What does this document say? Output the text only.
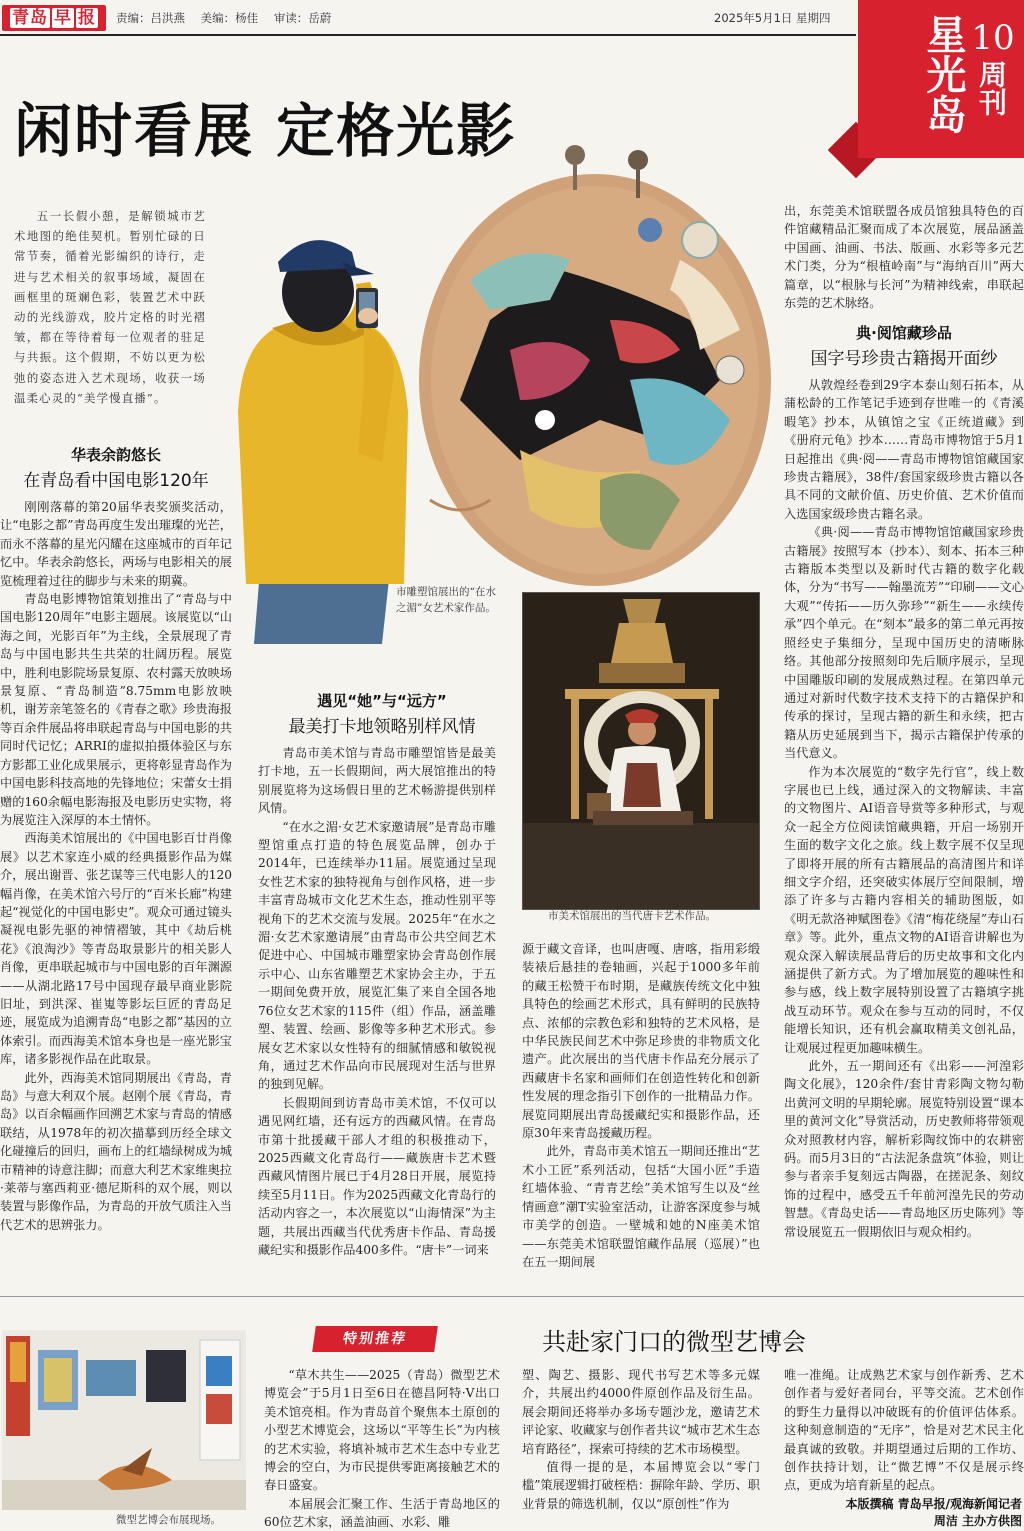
青岛 早 报	责编：吕洪燕 美编：杨佳 审读：岳蔚	2025年5月1日 星期四	星光岛 10
周刊
闲时看展 定格光影

五一长假小憩，是解锁城市艺术地图的绝佳契机。暂别忙碌的日常节奏，循着光影编织的诗行，走进与艺术相关的叙事场域，凝固在画框里的斑斓色彩，装置艺术中跃动的光线游戏，胶片定格的时光褶皱，都在等待着每一位观者的驻足与共振。这个假期，不妨以更为松弛的姿态进入艺术现场，收获一场温柔心灵的“美学慢直播”。

市雕塑馆展出的“在水之湄”女艺术家作品。
市美术馆展出的当代唐卡艺术作品。
华表余韵悠长
在青岛看中国电影120年

刚刚落幕的第20届华表奖颁奖活动，让“电影之都”青岛再度生发出璀璨的光芒，而永不落幕的星光闪耀在这座城市的百年记忆中。华表余韵悠长，两场与电影相关的展览梳理着过往的脚步与未来的期冀。

青岛电影博物馆策划推出了“青岛与中国电影120周年”电影主题展。该展览以“山海之间，光影百年”为主线，全景展现了青岛与中国电影共生共荣的壮阔历程。展览中，胜利电影院场景复原、农村露天放映场景复原、“青岛制造”8.75mm电影放映机，谢芳亲笔签名的《青春之歌》珍贵海报等百余件展品将串联起青岛与中国电影的共同时代记忆；ARRI的虚拟拍摄体验区与东方影都工业化成果展示，更将彰显青岛作为中国电影科技高地的先锋地位；宋蕾女士捐赠的160余幅电影海报及电影历史实物，将为展览注入深厚的本土情怀。

西海美术馆展出的《中国电影百廿肖像展》以艺术家连小威的经典摄影作品为媒介，展出谢晋、张艺谋等三代电影人的120幅肖像，在美术馆六号厅的“百米长廊”构建起“视觉化的中国电影史”。观众可通过镜头凝视电影先驱的神情褶皱，其中《劫后桃花》《浪淘沙》等青岛取景影片的相关影人肖像，更串联起城市与中国电影的百年渊源——从湖北路17号中国现存最早商业影院旧址，到洪深、崔嵬等影坛巨匠的青岛足迹，展览成为追溯青岛“电影之都”基因的立体索引。而西海美术馆本身也是一座光影宝库，诸多影视作品在此取景。

此外，西海美术馆同期展出《青岛，青岛》与意大利双个展。赵刚个展《青岛，青岛》以百余幅画作回溯艺术家与青岛的情感联结，从1978年的初次描摹到历经全球文化碰撞后的回归，画布上的红墙绿树成为城市精神的诗意注脚；而意大利艺术家维奥拉·莱蒂与塞西莉亚·德尼斯科的双个展，则以装置与影像作品，为青岛的开放气质注入当代艺术的思辨张力。

遇见“她”与“远方”
最美打卡地领略别样风情

青岛市美术馆与青岛市雕塑馆皆是最美打卡地，五一长假期间，两大展馆推出的特别展览将为这场假日里的艺术畅游提供别样风情。

“在水之湄·女艺术家邀请展”是青岛市雕塑馆重点打造的特色展览品牌，创办于2014年，已连续举办11届。展览通过呈现女性艺术家的独特视角与创作风格，进一步丰富青岛城市文化艺术生态，推动性别平等视角下的艺术交流与发展。2025年“在水之湄·女艺术家邀请展”由青岛市公共空间艺术促进中心、中国城市雕塑家协会青岛创作展示中心、山东省雕塑艺术家协会主办，于五一期间免费开放，展览汇集了来自全国各地76位女艺术家的115件（组）作品，涵盖雕塑、装置、绘画、影像等多种艺术形式。参展女艺术家以女性特有的细腻情感和敏锐视角，通过艺术作品向市民展现对生活与世界的独到见解。

长假期间到访青岛市美术馆，不仅可以遇见网红墙，还有远方的西藏风情。在青岛市第十批援藏干部人才组的积极推动下，2025西藏文化青岛行——藏族唐卡艺术暨西藏风情图片展已于4月28日开展，展览持续至5月11日。作为2025西藏文化青岛行的活动内容之一，本次展览以“山海情深”为主题，共展出西藏当代优秀唐卡作品、青岛援藏纪实和摄影作品400多件。“唐卡”一词来

源于藏文音译，也叫唐嘎、唐喀，指用彩缎装裱后悬挂的卷轴画，兴起于1000多年前的藏王松赞干布时期，是藏族传统文化中独具特色的绘画艺术形式，具有鲜明的民族特点、浓郁的宗教色彩和独特的艺术风格，是中华民族民间艺术中弥足珍贵的非物质文化遗产。此次展出的当代唐卡作品充分展示了西藏唐卡名家和画师们在创造性转化和创新性发展的理念指引下创作的一批精品力作。展览同期展出青岛援藏纪实和摄影作品，还原30年来青岛援藏历程。

此外，青岛市美术馆五一期间还推出“艺术小工匠”系列活动，包括“大国小匠”手造红墙体验、“青青艺绘”美术馆写生以及“丝情画意”潮T实验室活动，让游客深度参与城市美学的创造。一壁城和她的N座美术馆——东莞美术馆联盟馆藏作品展（巡展）”也在五一期间展

出，东莞美术馆联盟各成员馆独具特色的百件馆藏精品汇聚而成了本次展览，展品涵盖中国画、油画、书法、版画、水彩等多元艺术门类，分为“根植岭南”与“海纳百川”两大篇章，以“根脉与长河”为精神线索，串联起东莞的艺术脉络。

典·阅馆藏珍品
国字号珍贵古籍揭开面纱

从敦煌经卷到29字本泰山刻石拓本，从蒲松龄的工作笔记手迹到存世唯一的《青溪暇笔》抄本，从镇馆之宝《正统道藏》到《册府元龟》抄本……青岛市博物馆于5月1日起推出《典·阅——青岛市博物馆馆藏国家珍贵古籍展》，38件/套国家级珍贵古籍以各具不同的文献价值、历史价值、艺术价值而入选国家级珍贵古籍名录。

《典·阅——青岛市博物馆馆藏国家珍贵古籍展》按照写本（抄本）、刻本、拓本三种古籍版本类型以及新时代古籍的数字化载体，分为“书写——翰墨流芳”“印刷——文心大观”“传拓——历久弥珍”“新生——永续传承”四个单元。在“刻本”最多的第二单元再按照经史子集细分，呈现中国历史的清晰脉络。其他部分按照刻印先后顺序展示，呈现中国雕版印刷的发展成熟过程。在第四单元通过对新时代数字技术支持下的古籍保护和传承的探讨，呈现古籍的新生和永续，把古籍从历史延展到当下，揭示古籍保护传承的当代意义。

作为本次展览的“数字先行官”，线上数字展也已上线，通过深入的文物解读、丰富的文物图片、AI语音导赏等多种形式，与观众一起全方位阅读馆藏典籍，开启一场别开生面的数字文化之旅。线上数字展不仅呈现了即将开展的所有古籍展品的高清图片和详细文字介绍，还突破实体展厅空间限制，增添了许多与古籍内容相关的辅助图版，如《明无款洛神赋图卷》《清“梅花绕屋”寿山石章》等。此外，重点文物的AI语音讲解也为观众深入解读展品背后的历史故事和文化内涵提供了新方式。为了增加展览的趣味性和参与感，线上数字展特别设置了古籍填字挑战互动环节。观众在参与互动的同时，不仅能增长知识，还有机会赢取精美文创礼品，让观展过程更加趣味横生。

此外，五一期间还有《出彩——河湟彩陶文化展》，120余件/套甘青彩陶文物勾勒出黄河文明的早期轮廓。展览特别设置“课本里的黄河文化”导赏活动，历史教师将带领观众对照教材内容，解析彩陶纹饰中的农耕密码。而5月3日的“古法泥条盘筑”体验，则让参与者亲手复刻远古陶器，在搓泥条、刻纹饰的过程中，感受五千年前河湟先民的劳动智慧。《青岛史话——青岛地区历史陈列》等常设展览五一假期依旧与观众相约。

特别推荐	共赴家门口的微型艺博会
微型艺博会布展现场。

“草木共生——2025（青岛）微型艺术博览会”于5月1日至6日在德昌阿特·V出口美术馆亮相。作为青岛首个聚焦本土原创的小型艺术博览会，这场以“平等生长”为内核的艺术实验，将填补城市艺术生态中专业艺博会的空白，为市民提供零距离接触艺术的春日盛宴。

本届展会汇聚工作、生活于青岛地区的60位艺术家，涵盖油画、水彩、雕

塑、陶艺、摄影、现代书写艺术等多元媒介，共展出约4000件原创作品及衍生品。展会期间还将举办多场专题沙龙，邀请艺术评论家、收藏家与创作者共议“城市艺术生态培育路径”，探索可持续的艺术市场模型。

值得一提的是，本届博览会以“零门槛”策展逻辑打破桎梏：摒除年龄、学历、职业背景的筛选机制，仅以“原创性”作为

唯一准绳。让成熟艺术家与创作新秀、艺术创作者与爱好者同台，平等交流。艺术创作的野生力量得以冲破既有的价值评估体系。这种刻意制造的“无序”，恰是对艺术民主化最真诚的致敬。并期望通过后期的工作坊、创作扶持计划，让“微艺博”不仅是展示终点，更成为培育新星的起点。

本版撰稿 青岛早报/观海新闻记者
周洁 主办方供图
